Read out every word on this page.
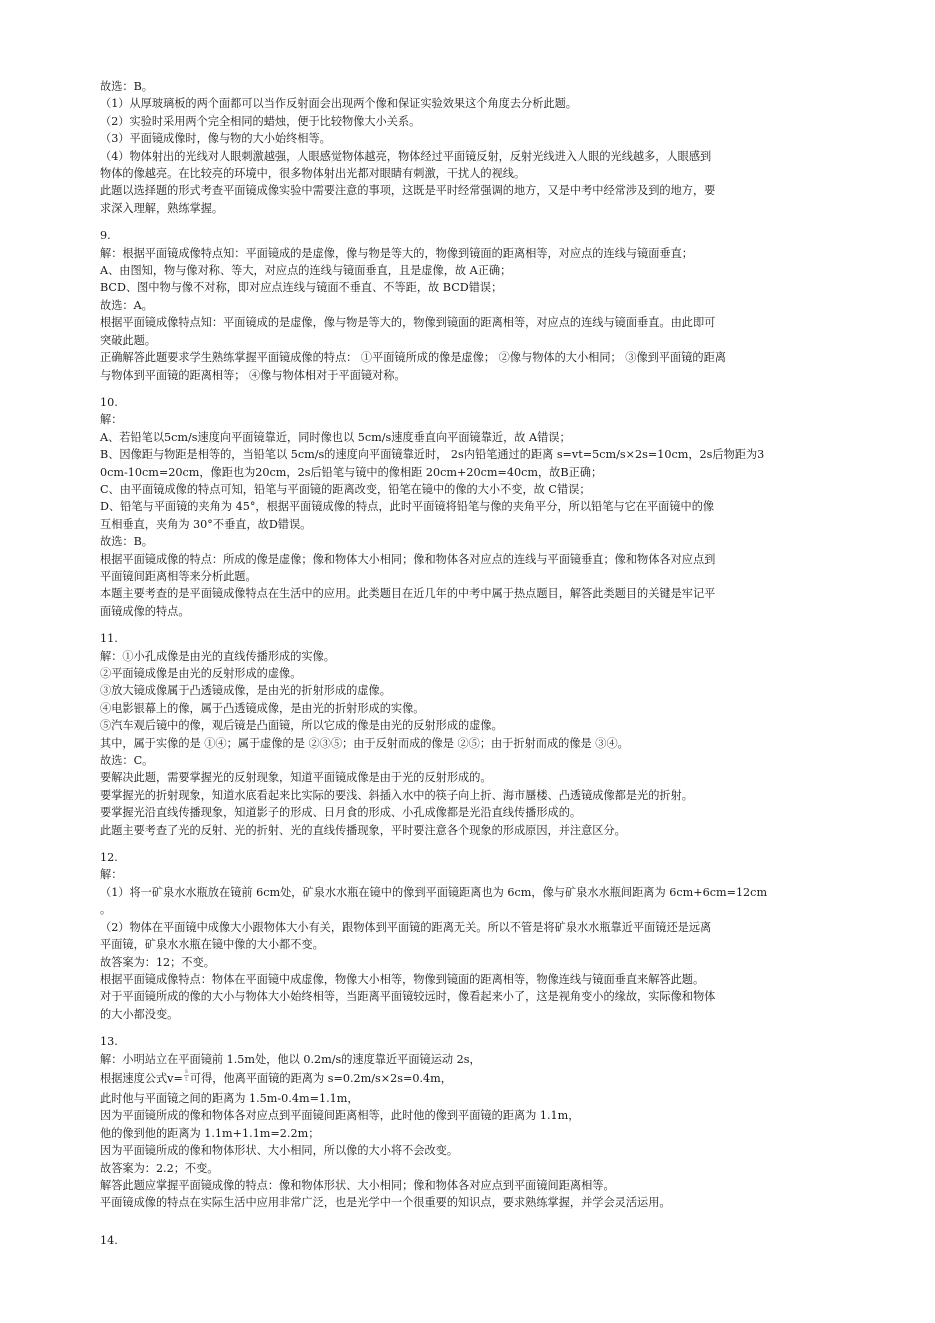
故选：B。
（1）从厚玻璃板的两个面都可以当作反射面会出现两个像和保证实验效果这个角度去分析此题。
（2）实验时采用两个完全相同的蜡烛，便于比较物像大小关系。
（3）平面镜成像时，像与物的大小始终相等。
（4）物体射出的光线对人眼刺激越强，人眼感觉物体越亮，物体经过平面镜反射，反射光线进入人眼的光线越多，人眼感到
物体的像越亮。在比较亮的环境中，很多物体射出光都对眼睛有刺激，干扰人的视线。
此题以选择题的形式考查平面镜成像实验中需要注意的事项，这既是平时经常强调的地方，又是中考中经常涉及到的地方，要
求深入理解，熟练掌握。
9.
解：根据平面镜成像特点知：平面镜成的是虚像，像与物是等大的，物像到镜面的距离相等，对应点的连线与镜面垂直；
A、由图知，物与像对称、等大，对应点的连线与镜面垂直，且是虚像，故 A正确；
BCD、图中物与像不对称，即对应点连线与镜面不垂直、不等距，故 BCD错误；
故选：A。
根据平面镜成像特点知：平面镜成的是虚像，像与物是等大的，物像到镜面的距离相等，对应点的连线与镜面垂直。由此即可
突破此题。
正确解答此题要求学生熟练掌握平面镜成像的特点： ①平面镜所成的像是虚像； ②像与物体的大小相同； ③像到平面镜的距离
与物体到平面镜的距离相等； ④像与物体相对于平面镜对称。
10.
解：
A、若铅笔以5cm/s速度向平面镜靠近，同时像也以 5cm/s速度垂直向平面镜靠近，故 A错误；
B、因像距与物距是相等的，当铅笔以 5cm/s的速度向平面镜靠近时， 2s内铅笔通过的距离 s=vt=5cm/s×2s=10cm，2s后物距为3
0cm-10cm=20cm，像距也为20cm，2s后铅笔与镜中的像相距 20cm+20cm=40cm，故B正确；
C、由平面镜成像的特点可知，铅笔与平面镜的距离改变，铅笔在镜中的像的大小不变，故 C错误；
D、铅笔与平面镜的夹角为 45°，根据平面镜成像的特点，此时平面镜将铅笔与像的夹角平分，所以铅笔与它在平面镜中的像
互相垂直，夹角为 30°不垂直，故D错误。
故选：B。
根据平面镜成像的特点：所成的像是虚像；像和物体大小相同；像和物体各对应点的连线与平面镜垂直；像和物体各对应点到
平面镜间距离相等来分析此题。
本题主要考查的是平面镜成像特点在生活中的应用。此类题目在近几年的中考中属于热点题目，解答此类题目的关键是牢记平
面镜成像的特点。
11.
解：①小孔成像是由光的直线传播形成的实像。
②平面镜成像是由光的反射形成的虚像。
③放大镜成像属于凸透镜成像，是由光的折射形成的虚像。
④电影银幕上的像，属于凸透镜成像，是由光的折射形成的实像。
⑤汽车观后镜中的像，观后镜是凸面镜，所以它成的像是由光的反射形成的虚像。
其中，属于实像的是 ①④；属于虚像的是 ②③⑤；由于反射而成的像是 ②⑤；由于折射而成的像是 ③④。
故选：C。
要解决此题，需要掌握光的反射现象，知道平面镜成像是由于光的反射形成的。
要掌握光的折射现象，知道水底看起来比实际的要浅、斜插入水中的筷子向上折、海市蜃楼、凸透镜成像都是光的折射。
要掌握光沿直线传播现象，知道影子的形成、日月食的形成、小孔成像都是光沿直线传播形成的。
此题主要考查了光的反射、光的折射、光的直线传播现象，平时要注意各个现象的形成原因，并注意区分。
12.
解：
（1）将一矿泉水水瓶放在镜前 6cm处，矿泉水水瓶在镜中的像到平面镜距离也为 6cm，像与矿泉水水瓶间距离为 6cm+6cm=12cm
。
（2）物体在平面镜中成像大小跟物体大小有关，跟物体到平面镜的距离无关。所以不管是将矿泉水水瓶靠近平面镜还是远离
平面镜，矿泉水水瓶在镜中像的大小都不变。
故答案为：12；不变。
根据平面镜成像特点：物体在平面镜中成虚像，物像大小相等，物像到镜面的距离相等，物像连线与镜面垂直来解答此题。
对于平面镜所成的像的大小与物体大小始终相等，当距离平面镜较远时，像看起来小了，这是视角变小的缘故，实际像和物体
的大小都没变。
13.
解：小明站立在平面镜前 1.5m处，他以 0.2m/s的速度靠近平面镜运动 2s，
根据速度公式$v= \frac{s}{t}$ 可得，他离平面镜的距离为 s=0.2m/s×2s=0.4m，
此时他与平面镜之间的距离为 1.5m-0.4m=1.1m，
因为平面镜所成的像和物体各对应点到平面镜间距离相等，此时他的像到平面镜的距离为 1.1m，
他的像到他的距离为 1.1m+1.1m=2.2m；
因为平面镜所成的像和物体形状、大小相同，所以像的大小将不会改变。
故答案为：2.2；不变。
解答此题应掌握平面镜成像的特点：像和物体形状、大小相同；像和物体各对应点到平面镜间距离相等。
平面镜成像的特点在实际生活中应用非常广泛，也是光学中一个很重要的知识点，要求熟练掌握，并学会灵活运用。
14.
